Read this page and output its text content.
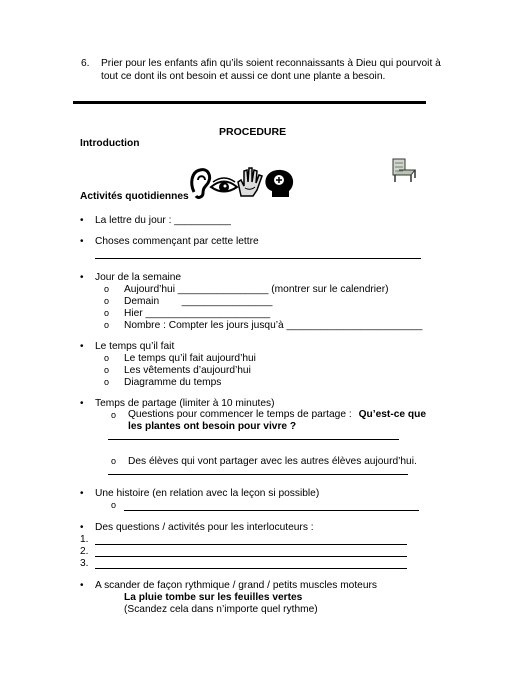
6. Prier pour les enfants afin qu’ils soient reconnaissants à Dieu qui pourvoit à
tout ce dont ils ont besoin et aussi ce dont une plante a besoin.
PROCEDURE
Introduction
Activités quotidiennes
• La lettre du jour : __________
• Choses commençant par cette lettre
• Jour de la semaine
o Aujourd’hui ________________ (montrer sur le calendrier)
o Demain        ________________
o Hier ______________________
o Nombre : Compter les jours jusqu’à ________________________
• Le temps qu’il fait
o Le temps qu’il fait aujourd’hui
o Les vêtements d’aujourd’hui
o Diagramme du temps
• Temps de partage (limiter à 10 minutes)
o Questions pour commencer le temps de partage : Qu’est-ce que
les plantes ont besoin pour vivre ?
o Des élèves qui vont partager avec les autres élèves aujourd’hui.
• Une histoire (en relation avec la leçon si possible)
o
• Des questions / activités pour les interlocuteurs :
1.
2.
3.
• A scander de façon rythmique / grand / petits muscles moteurs
La pluie tombe sur les feuilles vertes
(Scandez cela dans n’importe quel rythme)
